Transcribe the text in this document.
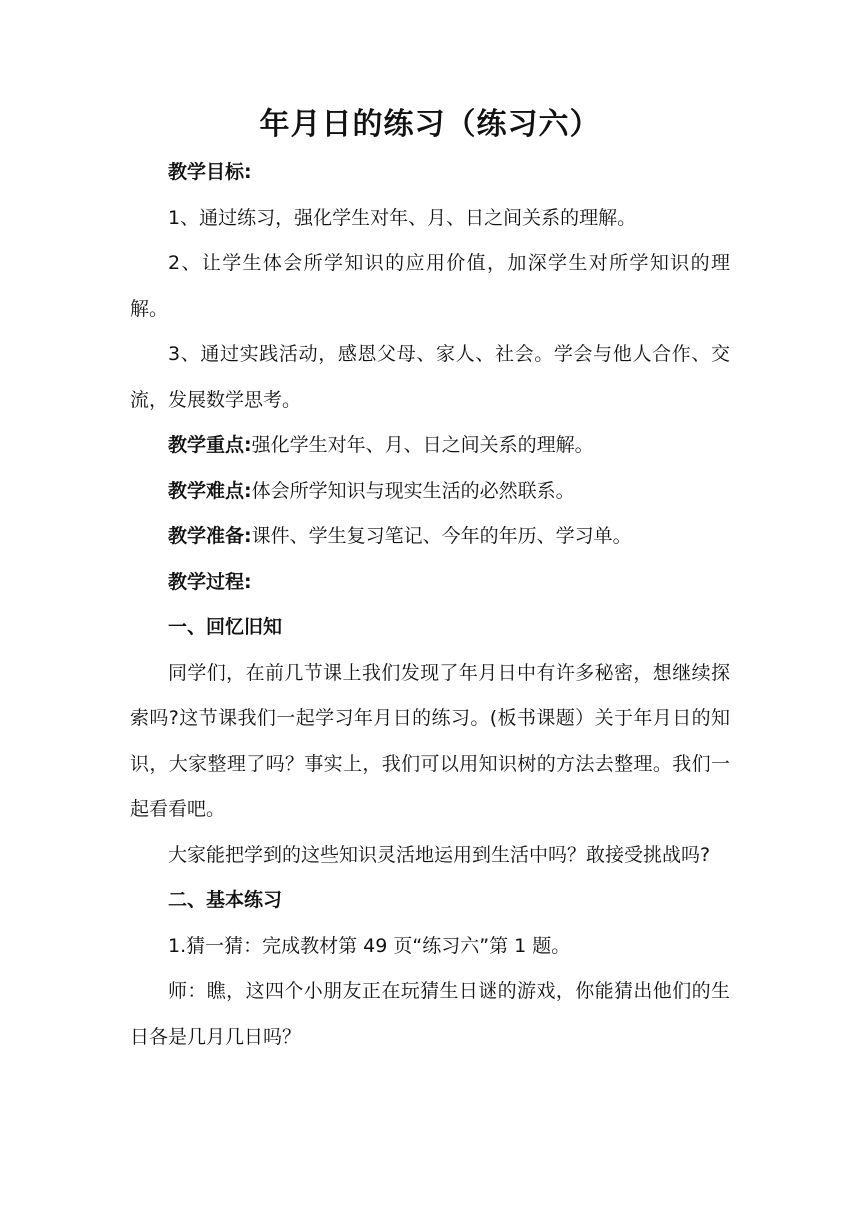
年月日的练习（练习六）

教学目标:

1、通过练习，强化学生对年、月、日之间关系的理解。

2、让学生体会所学知识的应用价值，加深学生对所学知识的理解。

3、通过实践活动，感恩父母、家人、社会。学会与他人合作、交流，发展数学思考。

教学重点:强化学生对年、月、日之间关系的理解。

教学难点:体会所学知识与现实生活的必然联系。

教学准备:课件、学生复习笔记、今年的年历、学习单。

教学过程:

一、回忆旧知

同学们，在前几节课上我们发现了年月日中有许多秘密，想继续探索吗?这节课我们一起学习年月日的练习。(板书课题）关于年月日的知识，大家整理了吗？事实上，我们可以用知识树的方法去整理。我们一起看看吧。

大家能把学到的这些知识灵活地运用到生活中吗？敢接受挑战吗?

二、基本练习

1.猜一猜：完成教材第 49 页“练习六”第 1 题。

师：瞧，这四个小朋友正在玩猜生日谜的游戏，你能猜出他们的生日各是几月几日吗？
